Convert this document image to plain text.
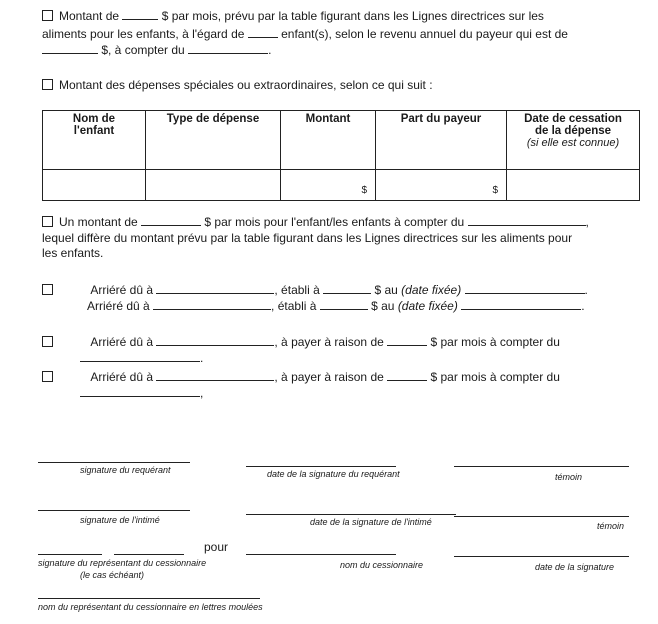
Montant de	$ par mois, prévu par la table figurant dans les Lignes directrices sur les
aliments pour les enfants, à l'égard de	enfant(s), selon le revenu annuel du payeur qui est de
$, à compter du	.
Montant des dépenses spéciales ou extraordinaires, selon ce qui suit :
Nom de l'enfant	Type de dépense	Montant	Part du payeur	Date de cessation de la dépense
(si elle est connue)

		$	$	

Un montant de	$ par mois pour l'enfant/les enfants à compter du	,
lequel diffère du montant prévu par la table figurant dans les Lignes directrices sur les aliments pour
les enfants.
Arriéré dû à	, établi à	$ au (date fixée)	.
Arriéré dû à	, établi à	$ au (date fixée)	.
Arriéré dû à	, à payer à raison de	$ par mois à compter du
.
Arriéré dû à	, à payer à raison de	$ par mois à compter du
,
signature du requérant	date de la signature du requérant	témoin
signature de l'intimé	date de la signature de l'intimé	témoin
pour
signature du représentant du cessionnaire
(le cas échéant)
nom du cessionnaire	date de la signature
nom du représentant du cessionnaire en lettres moulées
